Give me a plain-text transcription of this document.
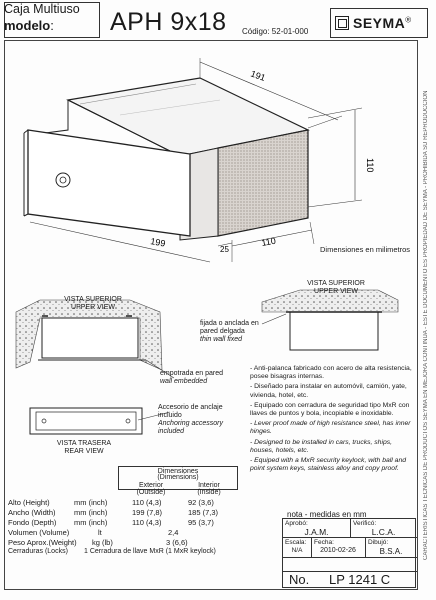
Caja Multiuso
modelo: APH 9x18 Código: 52-01-000
SEYMA®
CARACTERISTICAS TECNICAS DE PRODUCTOS SEYMA EN MEJORA CONTINUA - ESTE DOCUMENTO ES PROPIEDAD DE SEYMA - PROHIBIDA SU REPRODUCCION
191
110
199
25
110
Dimensiones en milimetros
VISTA SUPERIOR
UPPER VIEW
VISTA SUPERIOR
UPPER VIEW
fijada o anclada en pared delgada
thin wall fixed
empotrada en pared
wall embedded
VISTA TRASERA
REAR VIEW
Accesorio de anclaje incluido
Anchoring accessory included

- Anti-palanca fabricado con acero de alta resistencia, posee bisagras internas.

- Diseñado para instalar en automóvil, camión, yate, vivienda, hotel, etc.

- Equipado con cerradura de seguridad tipo MxR con llaves de puntos y bola, incopiable e inoxidable.

- Lever proof made of high resistance steel, has inner hinges.

- Designed to be installed in cars, trucks, ships, houses, hotels, etc.

- Equiped with a MxR security keylock, with ball and point system keys, stainless alloy and copy proof.

Dimensiones
(Dimensions)
Exterior
(Outside)
Interior
(Inside)
Alto (Height)	mm (inch)	110 (4,3)	92 (3,6)
Ancho (Width) mm (inch)	199 (7,8)	185 (7,3)
Fondo (Depth) mm (inch)	110 (4,3)	95 (3,7)
Volumen (Volume)	lt	2,4
Peso Aprox.(Weight) kg (lb)	3 (6,6)
Cerraduras (Locks) 1 Cerradura de llave MxR (1 MxR keylock)
nota - medidas en mm
Aprobó:
J.A.M.
Verificó:
L.C.A.
Escala:
N/A
Fecha:
2010-02-26
Dibujó:
B.S.A.
No. LP 1241 C
